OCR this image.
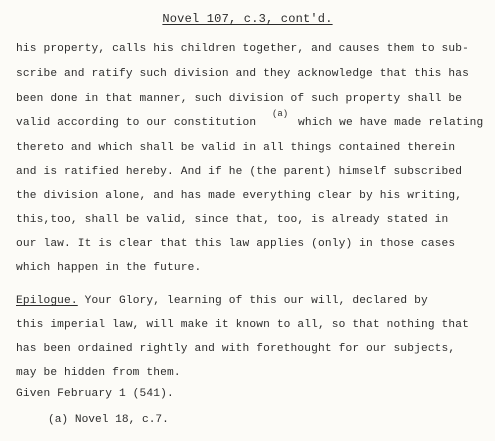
Novel 107, c.3, cont'd.
his property, calls his children together, and causes them to sub-
scribe and ratify such division and they acknowledge that this has
been done in that manner, such division of such property shall be
valid according to our constitution	which we have made relating
(a)
thereto and which shall be valid in all things contained therein
and is ratified hereby. And if he (the parent) himself subscribed
the division alone, and has made everything clear by his writing,
this,too, shall be valid, since that, too, is already stated in
our law. It is clear that this law applies (only) in those cases
which happen in the future.
Epilogue. Your Glory, learning of this our will, declared by
this imperial law, will make it known to all, so that nothing that
has been ordained rightly and with forethought for our subjects,
may be hidden from them.
Given February 1 (541).
(a) Novel 18, c.7.
